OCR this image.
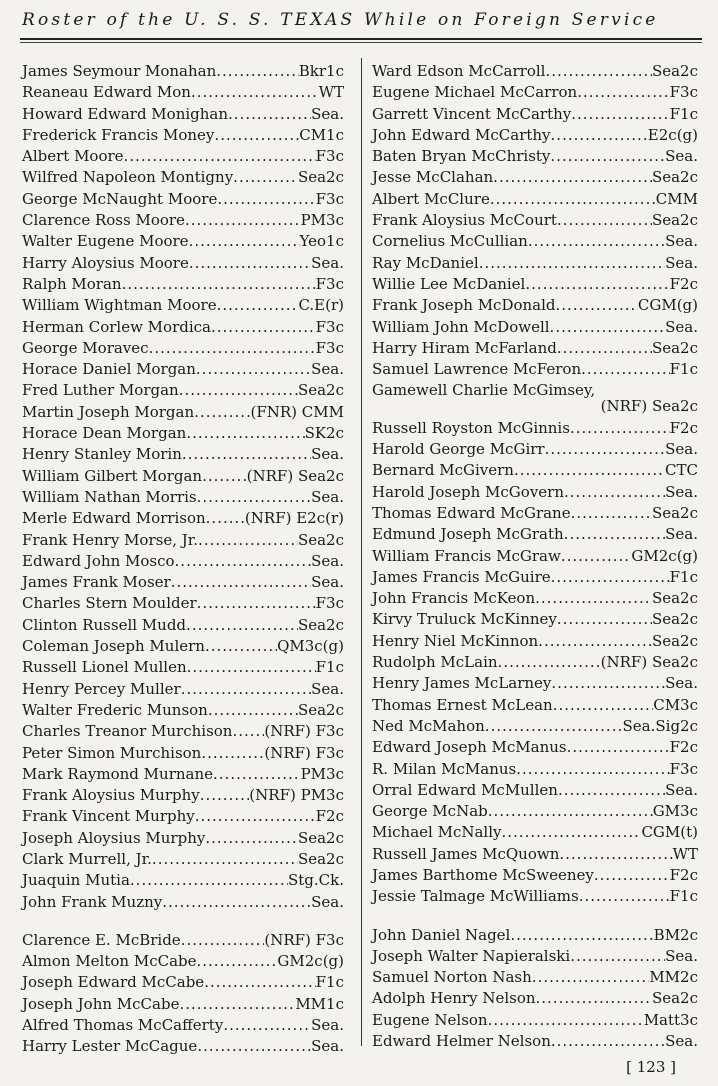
Roster of the U. S. S. TEXAS While on Foreign Service
James Seymour Monahan .....	Bkr1c
Reaneau Edward Mon .....	WT
Howard Edward Monighan .....	Sea.
Frederick Francis Money .....	CM1c
Albert Moore .....	F3c
Wilfred Napoleon Montigny .....	Sea2c
George McNaught Moore .....	F3c
Clarence Ross Moore .....	PM3c
Walter Eugene Moore .....	Yeo1c
Harry Aloysius Moore .....	Sea.
Ralph Moran .....	F3c
William Wightman Moore .....	C.E(r)
Herman Corlew Mordica .....	F3c
George Moravec .....	F3c
Horace Daniel Morgan .....	Sea.
Fred Luther Morgan .....	Sea2c
Martin Joseph Morgan .....	(FNR) CMM
Horace Dean Morgan .....	SK2c
Henry Stanley Morin .....	Sea.
William Gilbert Morgan .....	(NRF) Sea2c
William Nathan Morris .....	Sea.
Merle Edward Morrison .....	(NRF) E2c(r)
Frank Henry Morse, Jr. .....	Sea2c
Edward John Mosco .....	Sea.
James Frank Moser .....	Sea.
Charles Stern Moulder .....	F3c
Clinton Russell Mudd .....	Sea2c
Coleman Joseph Mulern .....	QM3c(g)
Russell Lionel Mullen .....	F1c
Henry Percey Muller .....	Sea.
Walter Frederic Munson .....	Sea2c
Charles Treanor Murchison ..... (NRF) F3c
Peter Simon Murchison .....	(NRF) F3c
Mark Raymond Murnane .....	PM3c
Frank Aloysius Murphy .....	(NRF) PM3c
Frank Vincent Murphy .....	F2c
Joseph Aloysius Murphy .....	Sea2c
Clark Murrell, Jr. .....	Sea2c
Juaquin Mutia .....	Stg.Ck.
John Frank Muzny .....	Sea.
Clarence E. McBride .....	(NRF) F3c
Almon Melton McCabe .....	GM2c(g)
Joseph Edward McCabe .....	F1c
Joseph John McCabe .....	MM1c
Alfred Thomas McCafferty .....	Sea.
Harry Lester McCague .....	Sea.
Ward Edson McCarroll .....	Sea2c
Eugene Michael McCarron .....	F3c
Garrett Vincent McCarthy .....	F1c
John Edward McCarthy .....	E2c(g)
Baten Bryan McChristy .....	Sea.
Jesse McClahan .....	Sea2c
Albert McClure .....	CMM
Frank Aloysius McCourt .....	Sea2c
Cornelius McCullian .....	Sea.
Ray McDaniel .....	Sea.
Willie Lee McDaniel .....	F2c
Frank Joseph McDonald .....	CGM(g)
William John McDowell .....	Sea.
Harry Hiram McFarland .....	Sea2c
Samuel Lawrence McFeron .....	F1c
Gamewell Charlie McGimsey,
(NRF) Sea2c
Russell Royston McGinnis .....	F2c
Harold George McGirr .....	Sea.
Bernard McGivern .....	CTC
Harold Joseph McGovern .....	Sea.
Thomas Edward McGrane .....	Sea2c
Edmund Joseph McGrath .....	Sea.
William Francis McGraw .....	GM2c(g)
James Francis McGuire .....	F1c
John Francis McKeon .....	Sea2c
Kirvy Truluck McKinney .....	Sea2c
Henry Niel McKinnon .....	Sea2c
Rudolph McLain .....	(NRF) Sea2c
Henry James McLarney .....	Sea.
Thomas Ernest McLean .....	CM3c
Ned McMahon .....	Sea.Sig2c
Edward Joseph McManus .....	F2c
R. Milan McManus .....	F3c
Orral Edward McMullen .....	Sea.
George McNab .....	GM3c
Michael McNally .....	CGM(t)
Russell James McQuown .....	WT
James Barthome McSweeney .....	F2c
Jessie Talmage McWilliams .....	F1c
John Daniel Nagel .....	BM2c
Joseph Walter Napieralski .....	Sea.
Samuel Norton Nash .....	MM2c
Adolph Henry Nelson .....	Sea2c
Eugene Nelson .....	Matt3c
Edward Helmer Nelson .....	Sea.
[ 123 ]
